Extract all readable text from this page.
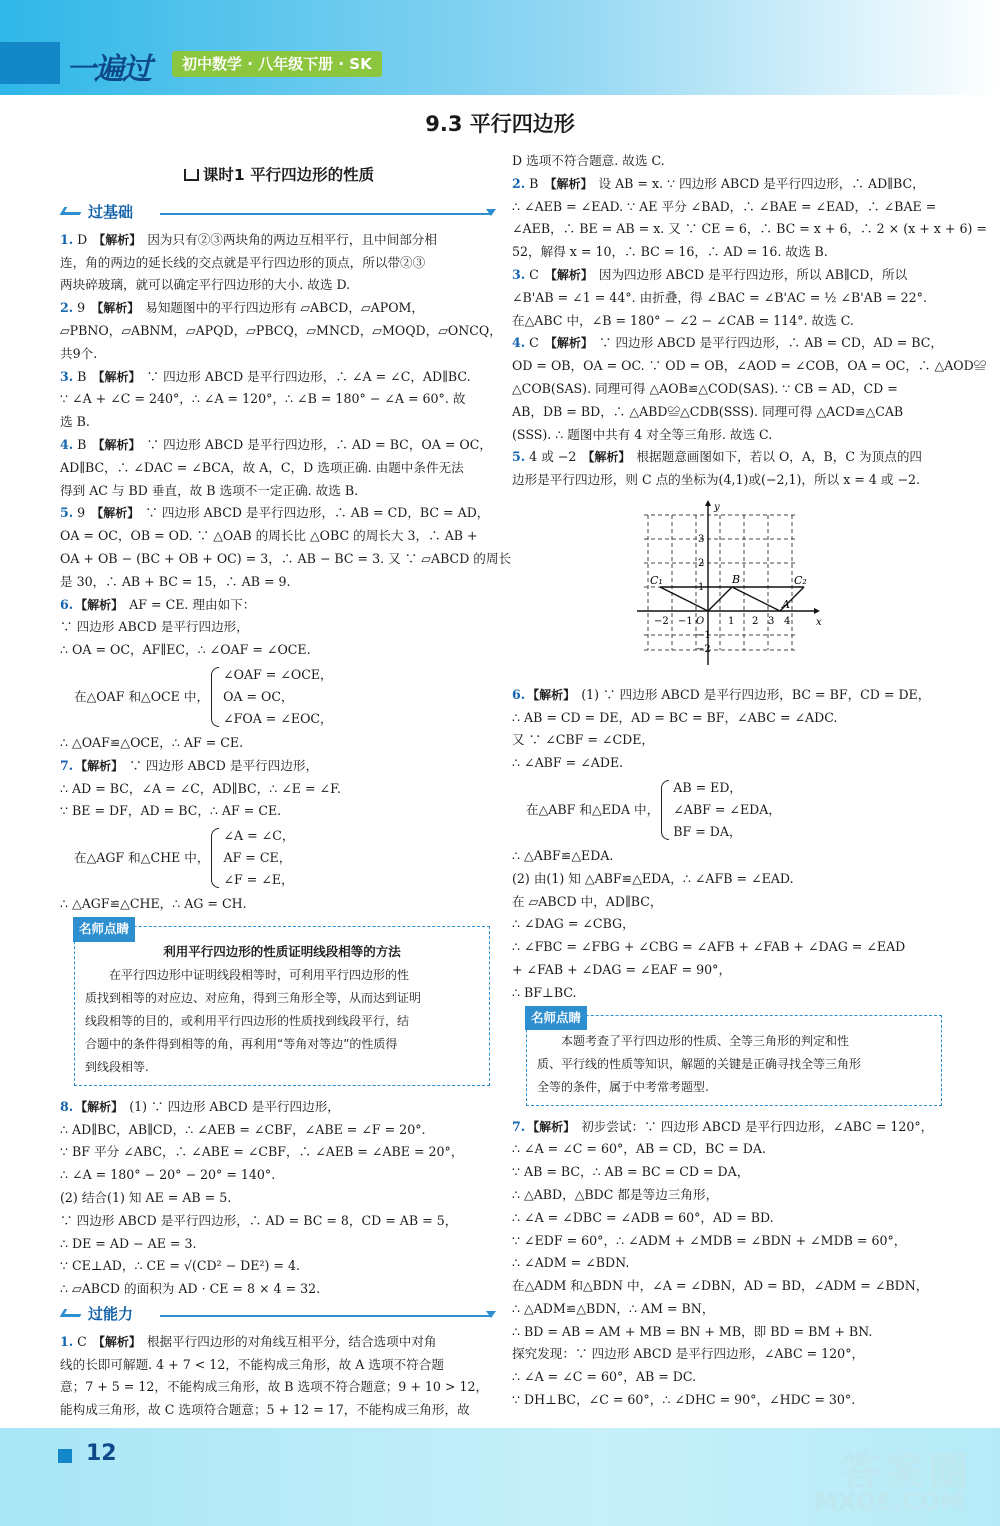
一遍过	初中数学 · 八年级下册 · SK
9.3 平行四边形
课时1 平行四边形的性质
过基础

1. D 【解析】 因为只有②③两块角的两边互相平行，且中间部分相

连，角的两边的延长线的交点就是平行四边形的顶点，所以带②③

两块碎玻璃，就可以确定平行四边形的大小. 故选 D.

2. 9 【解析】 易知题图中的平行四边形有 ▱ABCD，▱APOM，

▱PBNO，▱ABNM，▱APQD，▱PBCQ，▱MNCD，▱MOQD，▱ONCQ，

共9个.

3. B 【解析】 ∵ 四边形 ABCD 是平行四边形，∴ ∠A = ∠C，AD∥BC.

∵ ∠A + ∠C = 240°，∴ ∠A = 120°，∴ ∠B = 180° − ∠A = 60°. 故

选 B.

4. B 【解析】 ∵ 四边形 ABCD 是平行四边形，∴ AD = BC，OA = OC，

AD∥BC，∴ ∠DAC = ∠BCA，故 A，C，D 选项正确. 由题中条件无法

得到 AC 与 BD 垂直，故 B 选项不一定正确. 故选 B.

5. 9 【解析】 ∵ 四边形 ABCD 是平行四边形，∴ AB = CD，BC = AD，

OA = OC，OB = OD. ∵ △OAB 的周长比 △OBC 的周长大 3，∴ AB +

OA + OB − (BC + OB + OC) = 3，∴ AB − BC = 3. 又 ∵ ▱ABCD 的周长

是 30，∴ AB + BC = 15，∴ AB = 9.

6. 【解析】 AF = CE. 理由如下：

∵ 四边形 ABCD 是平行四边形，

∴ OA = OC，AF∥EC，∴ ∠OAF = ∠OCE.

在△OAF 和△OCE 中，

∠OAF = ∠OCE，

OA = OC，

∠FOA = ∠EOC，

∴ △OAF≌△OCE，∴ AF = CE.

7. 【解析】 ∵ 四边形 ABCD 是平行四边形，

∴ AD = BC，∠A = ∠C，AD∥BC，∴ ∠E = ∠F.

∵ BE = DF，AD = BC，∴ AF = CE.

在△AGF 和△CHE 中，

∠A = ∠C，

AF = CE，

∠F = ∠E，

∴ △AGF≌△CHE，∴ AG = CH.

名师点睛

利用平行四边形的性质证明线段相等的方法

　　在平行四边形中证明线段相等时，可利用平行四边形的性

质找到相等的对应边、对应角，得到三角形全等，从而达到证明

线段相等的目的，或利用平行四边形的性质找到线段平行，结

合题中的条件得到相等的角，再利用“等角对等边”的性质得

到线段相等.

8. 【解析】 (1) ∵ 四边形 ABCD 是平行四边形，

∴ AD∥BC，AB∥CD，∴ ∠AEB = ∠CBF，∠ABE = ∠F = 20°.

∵ BF 平分 ∠ABC，∴ ∠ABE = ∠CBF，∴ ∠AEB = ∠ABE = 20°，

∴ ∠A = 180° − 20° − 20° = 140°.

(2) 结合(1) 知 AE = AB = 5.

∵ 四边形 ABCD 是平行四边形，∴ AD = BC = 8，CD = AB = 5，

∴ DE = AD − AE = 3.

∵ CE⊥AD，∴ CE = √(CD² − DE²) = 4.

∴ ▱ABCD 的面积为 AD · CE = 8 × 4 = 32.

过能力

1. C 【解析】 根据平行四边形的对角线互相平分，结合选项中对角

线的长即可解题. 4 + 7 < 12，不能构成三角形，故 A 选项不符合题

意；7 + 5 = 12，不能构成三角形，故 B 选项不符合题意；9 + 10 > 12，

能构成三角形，故 C 选项符合题意；5 + 12 = 17，不能构成三角形，故

D 选项不符合题意. 故选 C.

2. B 【解析】 设 AB = x. ∵ 四边形 ABCD 是平行四边形，∴ AD∥BC，

∴ ∠AEB = ∠EAD. ∵ AE 平分 ∠BAD，∴ ∠BAE = ∠EAD，∴ ∠BAE =

∠AEB，∴ BE = AB = x. 又 ∵ CE = 6，∴ BC = x + 6，∴ 2 × (x + x + 6) =

52，解得 x = 10，∴ BC = 16，∴ AD = 16. 故选 B.

3. C 【解析】 因为四边形 ABCD 是平行四边形，所以 AB∥CD，所以

∠B'AB = ∠1 = 44°. 由折叠，得 ∠BAC = ∠B'AC = ½ ∠B'AB = 22°.

在△ABC 中，∠B = 180° − ∠2 − ∠CAB = 114°. 故选 C.

4. C 【解析】 ∵ 四边形 ABCD 是平行四边形，∴ AB = CD，AD = BC，

OD = OB，OA = OC. ∵ OD = OB，∠AOD = ∠COB，OA = OC，∴ △AOD≌

△COB(SAS). 同理可得 △AOB≌△COD(SAS). ∵ CB = AD，CD =

AB，DB = BD，∴ △ABD≌△CDB(SSS). 同理可得 △ACD≌△CAB

(SSS). ∴ 题图中共有 4 对全等三角形. 故选 C.

5. 4 或 −2 【解析】 根据题意画图如下，若以 O，A，B，C 为顶点的四

边形是平行四边形，则 C 点的坐标为(4,1)或(−2,1)，所以 x = 4 或 −2.

x
y
O
−2 −1	1 2 3 4
3
2
1
−1
−2
C₁	B	C₂
A

6. 【解析】 (1) ∵ 四边形 ABCD 是平行四边形，BC = BF，CD = DE，

∴ AB = CD = DE，AD = BC = BF，∠ABC = ∠ADC.

又 ∵ ∠CBF = ∠CDE，

∴ ∠ABF = ∠ADE.

在△ABF 和△EDA 中，

AB = ED，

∠ABF = ∠EDA，

BF = DA，

∴ △ABF≌△EDA.

(2) 由(1) 知 △ABF≌△EDA，∴ ∠AFB = ∠EAD.

在 ▱ABCD 中，AD∥BC，

∴ ∠DAG = ∠CBG，

∴ ∠FBC = ∠FBG + ∠CBG = ∠AFB + ∠FAB + ∠DAG = ∠EAD

+ ∠FAB + ∠DAG = ∠EAF = 90°，

∴ BF⊥BC.

名师点睛

　　本题考查了平行四边形的性质、全等三角形的判定和性

质、平行线的性质等知识，解题的关键是正确寻找全等三角形

全等的条件，属于中考常考题型.

7. 【解析】 初步尝试：∵ 四边形 ABCD 是平行四边形，∠ABC = 120°，

∴ ∠A = ∠C = 60°，AB = CD，BC = DA.

∵ AB = BC，∴ AB = BC = CD = DA，

∴ △ABD，△BDC 都是等边三角形，

∴ ∠A = ∠DBC = ∠ADB = 60°，AD = BD.

∵ ∠EDF = 60°，∴ ∠ADM + ∠MDB = ∠BDN + ∠MDB = 60°，

∴ ∠ADM = ∠BDN.

在△ADM 和△BDN 中，∠A = ∠DBN，AD = BD，∠ADM = ∠BDN，

∴ △ADM≌△BDN，∴ AM = BN，

∴ BD = AB = AM + MB = BN + MB，即 BD = BM + BN.

探究发现：∵ 四边形 ABCD 是平行四边形，∠ABC = 120°，

∴ ∠A = ∠C = 60°，AB = DC.

∵ DH⊥BC，∠C = 60°，∴ ∠DHC = 90°，∠HDC = 30°.

12	答案圈
MXQE.COM
